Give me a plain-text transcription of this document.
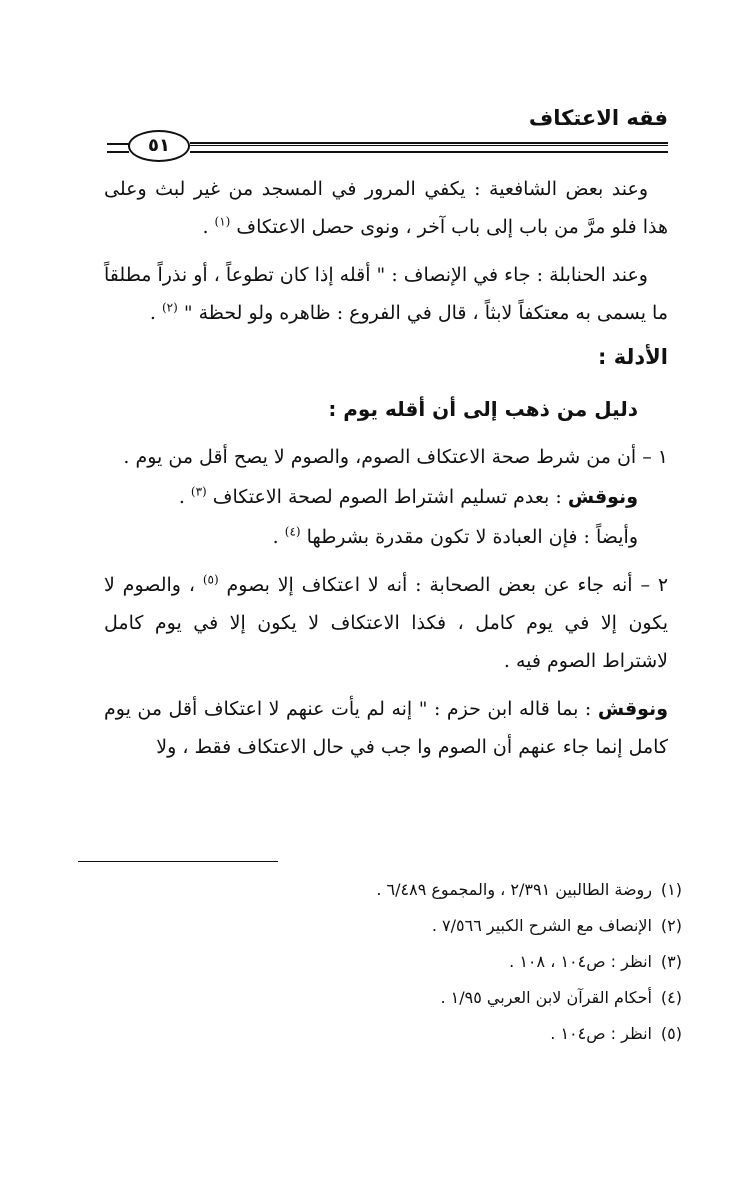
فقه الاعتكاف
٥١

وعند بعض الشافعية : يكفي المرور في المسجد من غير لبث وعلى هذا فلو مرَّ من باب إلى باب آخر ، ونوى حصل الاعتكاف $^{(١)}$ .

وعند الحنابلة : جاء في الإنصاف : " أقله إذا كان تطوعاً ، أو نذراً مطلقاً ما يسمى به معتكفاً لابثاً ، قال في الفروع : ظاهره ولو لحظة " $^{(٢)}$ .

الأدلة :
دليل من ذهب إلى أن أقله يوم :

١ – أن من شرط صحة الاعتكاف الصوم، والصوم لا يصح أقل من يوم .

ونوقش : بعدم تسليم اشتراط الصوم لصحة الاعتكاف $^{(٣)}$ .

وأيضاً : فإن العبادة لا تكون مقدرة بشرطها $^{(٤)}$ .

٢ – أنه جاء عن بعض الصحابة : أنه لا اعتكاف إلا بصوم $^{(٥)}$ ، والصوم لا يكون إلا في يوم كامل ، فكذا الاعتكاف لا يكون إلا في يوم كامل لاشتراط الصوم فيه .

ونوقش : بما قاله ابن حزم : " إنه لم يأت عنهم لا اعتكاف أقل من يوم كامل إنما جاء عنهم أن الصوم وا جب في حال الاعتكاف فقط ، ولا

(١)روضة الطالبين ٢/٣٩١ ، والمجموع ٦/٤٨٩ .

(٢)الإنصاف مع الشرح الكبير ٧/٥٦٦ .

(٣)انظر : ص١٠٤ ، ١٠٨ .

(٤)أحكام القرآن لابن العربي ١/٩٥ .

(٥)انظر : ص١٠٤ .
